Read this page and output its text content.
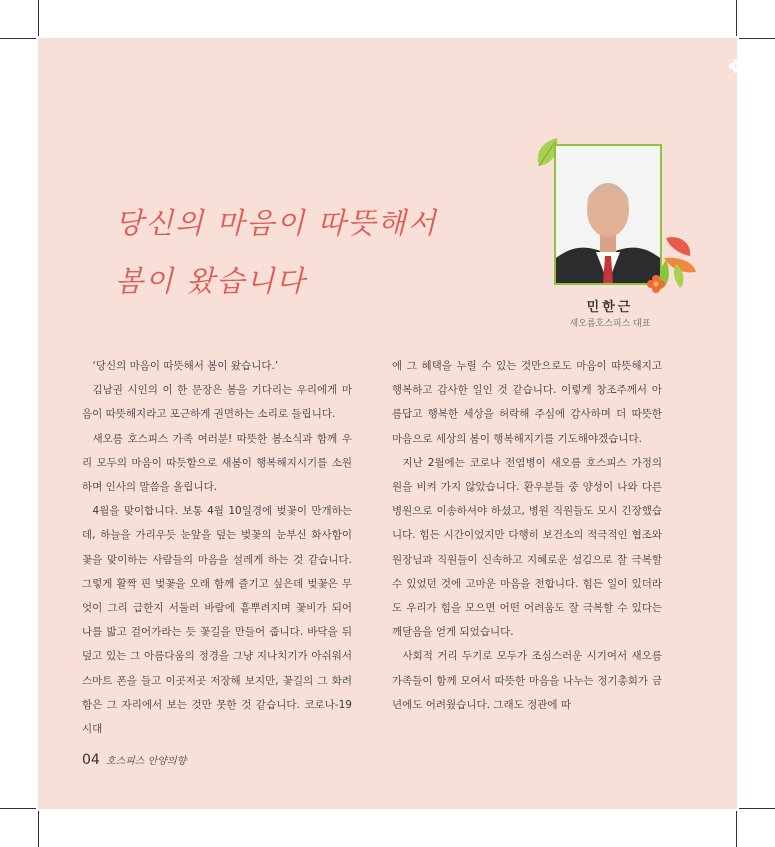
당신의 마음이 따뜻해서
봄이 왔습니다
민한근
새오름호스피스 대표

‘당신의 마음이 따뜻해서 봄이 왔습니다.’

김남권 시인의 이 한 문장은 봄을 기다리는 우리에게 마음이 따뜻해지라고 포근하게 권면하는 소리로 들립니다.

새오름 호스피스 가족 여러분! 따뜻한 봄소식과 함께 우리 모두의 마음이 따듯함으로 새봄이 행복해지시기를 소원하며 인사의 말씀을 올립니다.

4월을 맞이합니다. 보통 4월 10일경에 벚꽃이 만개하는데, 하늘을 가리우듯 눈앞을 덮는 벚꽃의 눈부신 화사함이 꽃을 맞이하는 사람들의 마음을 설레게 하는 것 같습니다. 그렇게 활짝 핀 벚꽃을 오래 함께 즐기고 싶은데 벚꽃은 무엇이 그리 급한지 서둘러 바람에 흩뿌려지며 꽃비가 되어 나를 밟고 걸어가라는 듯 꽃길을 만들어 줍니다. 바닥을 뒤덮고 있는 그 아름다움의 정경을 그냥 지나치기가 아쉬워서 스마트 폰을 들고 이곳저곳 저장해 보지만, 꽃길의 그 화려함은 그 자리에서 보는 것만 못한 것 같습니다. 코로나-19시대

에 그 혜택을 누릴 수 있는 것만으로도 마음이 따뜻해지고 행복하고 감사한 일인 것 같습니다. 이렇게 창조주께서 아름답고 행복한 세상을 허락해 주심에 감사하며 더 따뜻한 마음으로 세상의 봄이 행복해지기를 기도해야겠습니다.

지난 2월에는 코로나 전염병이 새오름 호스피스 가정의원을 비켜 가지 않았습니다. 환우분들 중 양성이 나와 다른 병원으로 이송하셔야 하셨고, 병원 직원들도 모시 긴장했습니다. 힘든 시간이었지만 다행히 보건소의 적극적인 협조와 원장님과 직원들이 신속하고 지혜로운 섬김으로 잘 극복할 수 있었던 것에 고마운 마음을 전합니다. 힘든 일이 있더라도 우리가 힘을 모으면 어떤 어려움도 잘 극복할 수 있다는 깨달음을 얻게 되었습니다.

사회적 거리 두기로 모두가 조심스러운 시기여서 새오름 가족들이 함께 모여서 따뜻한 마음을 나누는 정기총회가 금년에도 어려웠습니다. 그래도 정관에 따

04 호스피스 안양의향
